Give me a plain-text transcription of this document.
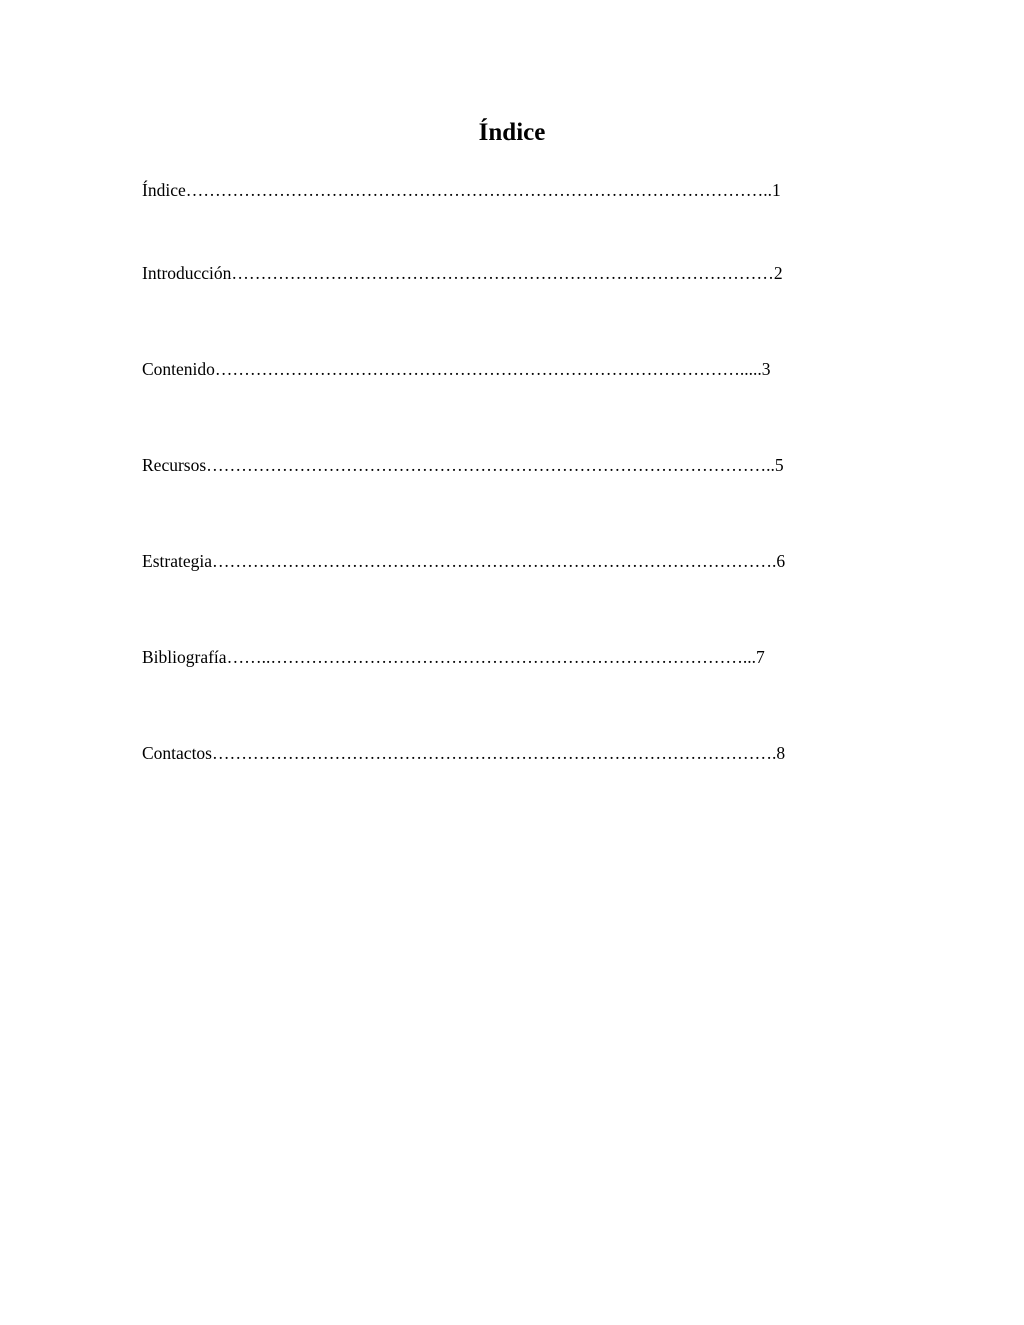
Índice
Índice………………………………………………………………………………………..1
Introducción…………………………………………………………………………………2
Contenido……………………………………………………………………………….....3
Recursos……………………………………………………………………………………..5
Estrategia…………………………………………………………………………………….6
Bibliografía……..………………………………………………………………………...7
Contactos…………………………………………………………………………………….8
